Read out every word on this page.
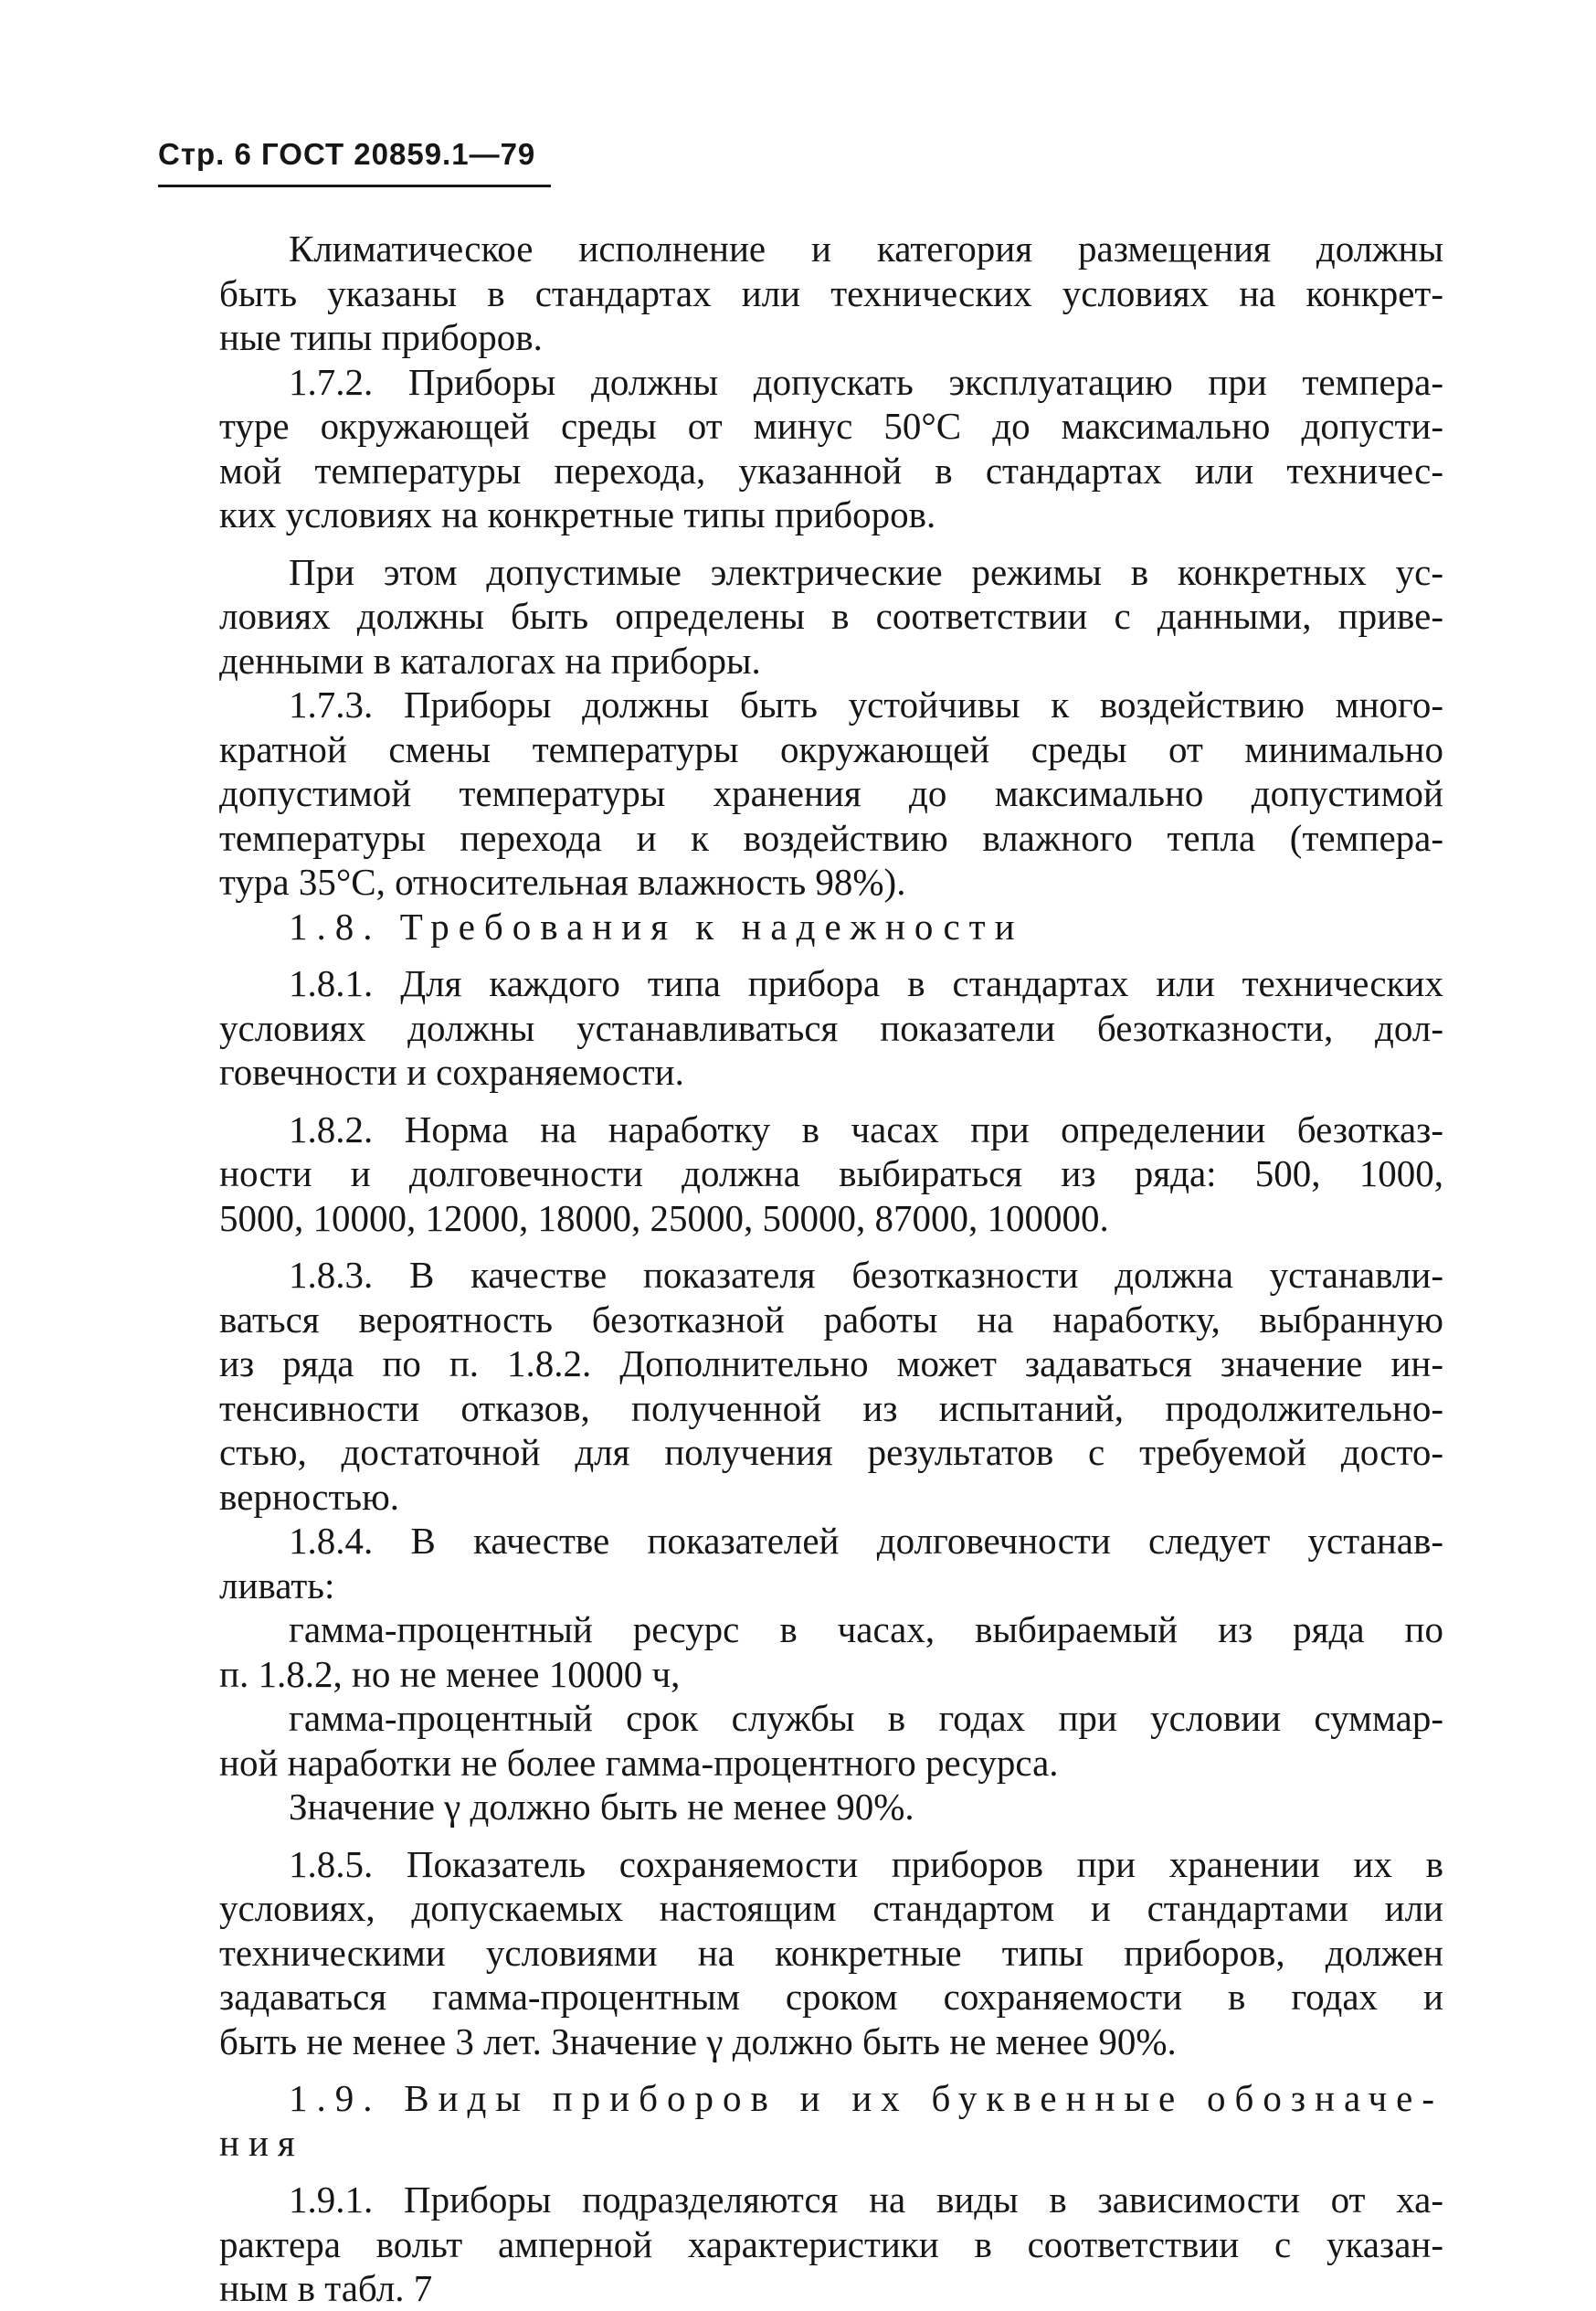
Стр. 6 ГОСТ 20859.1—79
Климатическое исполнение и категория размещения должны
быть указаны в стандартах или технических условиях на конкрет-
ные типы приборов.
1.7.2. Приборы должны допускать эксплуатацию при темпера-
туре окружающей среды от минус 50°С до максимально допусти-
мой температуры перехода, указанной в стандартах или техничес-
ких условиях на конкретные типы приборов.
При этом допустимые электрические режимы в конкретных ус-
ловиях должны быть определены в соответствии с данными, приве-
денными в каталогах на приборы.
1.7.3. Приборы должны быть устойчивы к воздействию много-
кратной смены температуры окружающей среды от минимально
допустимой температуры хранения до максимально допустимой
температуры перехода и к воздействию влажного тепла (темпера-
тура 35°С, относительная влажность 98%).
1.8. Требования к надежности
1.8.1. Для каждого типа прибора в стандартах или технических
условиях должны устанавливаться показатели безотказности, дол-
говечности и сохраняемости.
1.8.2. Норма на наработку в часах при определении безотказ-
ности и долговечности должна выбираться из ряда: 500, 1000,
5000, 10000, 12000, 18000, 25000, 50000, 87000, 100000.
1.8.3. В качестве показателя безотказности должна устанавли-
ваться вероятность безотказной работы на наработку, выбранную
из ряда по п. 1.8.2. Дополнительно может задаваться значение ин-
тенсивности отказов, полученной из испытаний, продолжительно-
стью, достаточной для получения результатов с требуемой досто-
верностью.
1.8.4. В качестве показателей долговечности следует устанав-
ливать:
гамма-процентный ресурс в часах, выбираемый из ряда по
п. 1.8.2, но не менее 10000 ч,
гамма-процентный срок службы в годах при условии суммар-
ной наработки не более гамма-процентного ресурса.
Значение γ должно быть не менее 90%.
1.8.5. Показатель сохраняемости приборов при хранении их в
условиях, допускаемых настоящим стандартом и стандартами или
техническими условиями на конкретные типы приборов, должен
задаваться гамма-процентным сроком сохраняемости в годах и
быть не менее 3 лет. Значение γ должно быть не менее 90%.
1.9. Виды приборов и их буквенные обозначе-
ния
1.9.1. Приборы подразделяются на виды в зависимости от ха-
рактера вольт амперной характеристики в соответствии с указан-
ным в табл. 7
